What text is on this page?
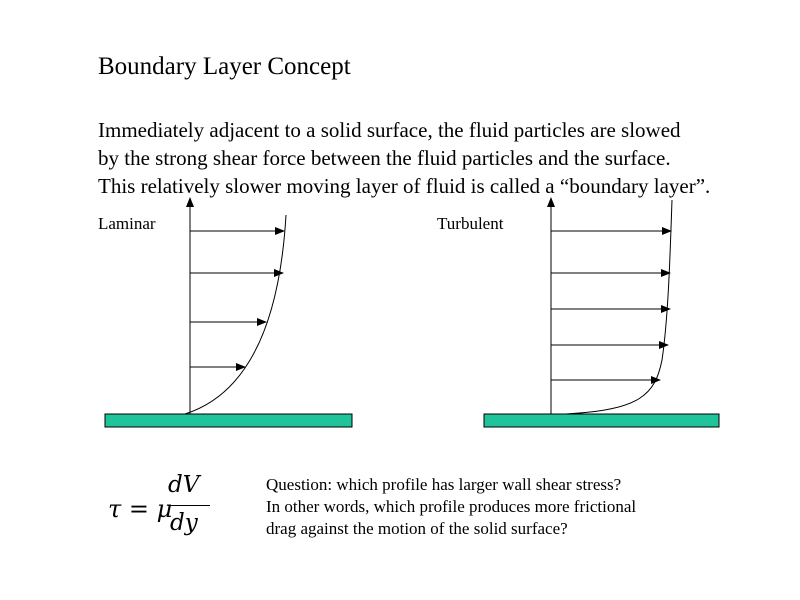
Boundary Layer Concept
Immediately adjacent to a solid surface, the fluid particles are slowed
by the strong shear force between the fluid particles and the surface.
This relatively slower moving layer of fluid is called a “boundary layer”.
Laminar	Turbulent
τ = μ
dV
dy
Question: which profile has larger wall shear stress?
In other words, which profile produces more frictional
drag against the motion of the solid surface?
